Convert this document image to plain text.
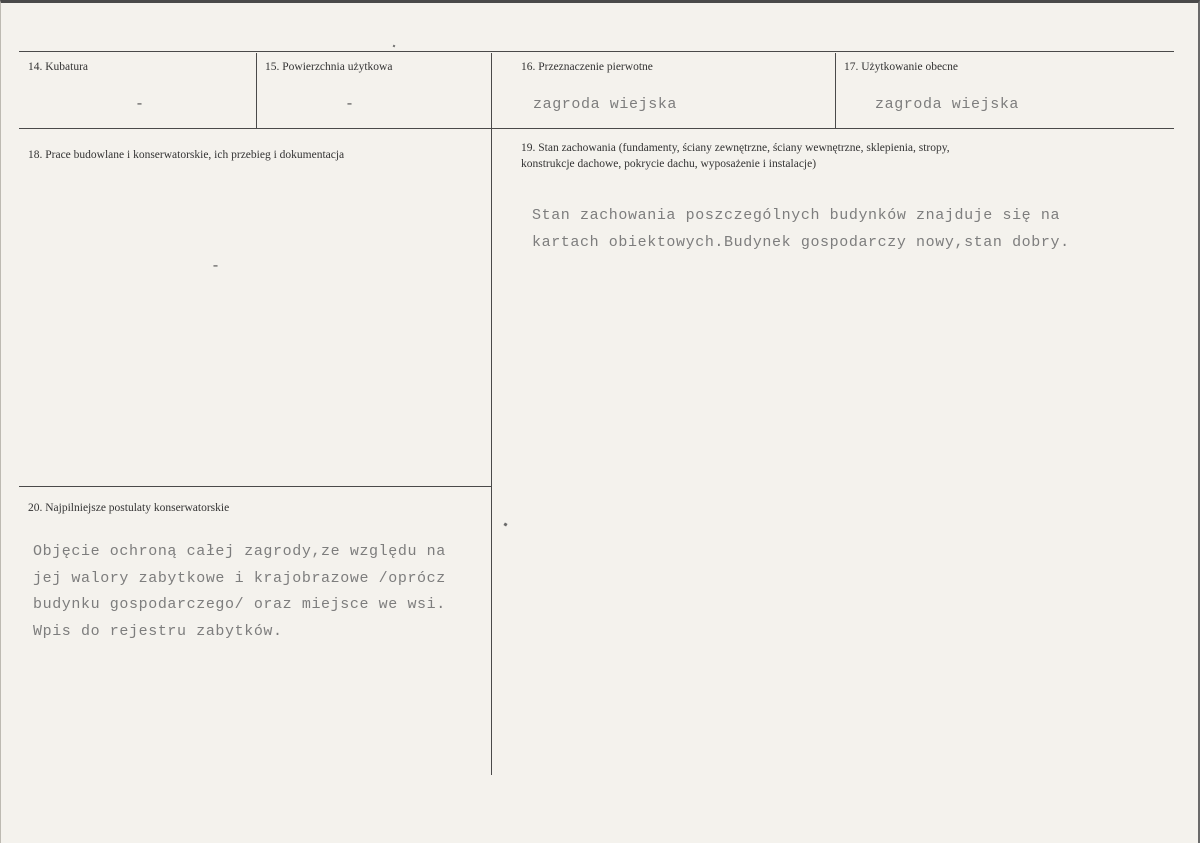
14. Kubatura
-
15. Powierzchnia użytkowa
-
16. Przeznaczenie pierwotne
zagroda wiejska
17. Użytkowanie obecne
zagroda wiejska
18. Prace budowlane i konserwatorskie, ich przebieg i dokumentacja
-
19. Stan zachowania (fundamenty, ściany zewnętrzne, ściany wewnętrzne, sklepienia, stropy,
konstrukcje dachowe, pokrycie dachu, wyposażenie i instalacje)
Stan zachowania poszczególnych budynków znajduje się na
kartach obiektowych.Budynek gospodarczy nowy,stan dobry.
20. Najpilniejsze postulaty konserwatorskie
Objęcie ochroną całej zagrody,ze względu na
jej walory zabytkowe i krajobrazowe /oprócz
budynku gospodarczego/ oraz miejsce we wsi.
Wpis do rejestru zabytków.
